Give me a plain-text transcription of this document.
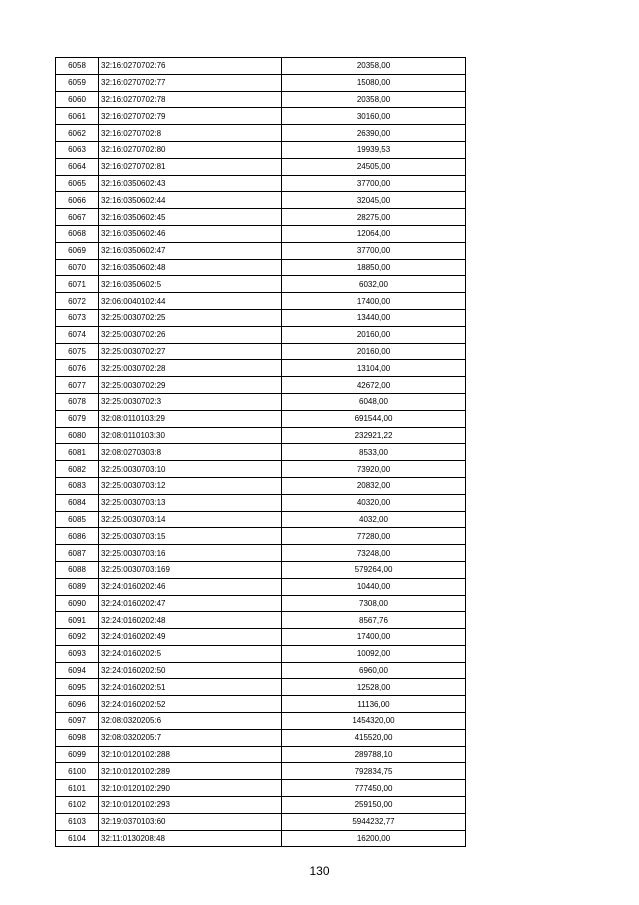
6058	32:16:0270702:76	20358,00
6059	32:16:0270702:77	15080,00
6060	32:16:0270702:78	20358,00
6061	32:16:0270702:79	30160,00
6062	32:16:0270702:8	26390,00
6063	32:16:0270702:80	19939,53
6064	32:16:0270702:81	24505,00
6065	32:16:0350602:43	37700,00
6066	32:16:0350602:44	32045,00
6067	32:16:0350602:45	28275,00
6068	32:16:0350602:46	12064,00
6069	32:16:0350602:47	37700,00
6070	32:16:0350602:48	18850,00
6071	32:16:0350602:5	6032,00
6072	32:06:0040102:44	17400,00
6073	32:25:0030702:25	13440,00
6074	32:25:0030702:26	20160,00
6075	32:25:0030702:27	20160,00
6076	32:25:0030702:28	13104,00
6077	32:25:0030702:29	42672,00
6078	32:25:0030702:3	6048,00
6079	32:08:0110103:29	691544,00
6080	32:08:0110103:30	232921,22
6081	32:08:0270303:8	8533,00
6082	32:25:0030703:10	73920,00
6083	32:25:0030703:12	20832,00
6084	32:25:0030703:13	40320,00
6085	32:25:0030703:14	4032,00
6086	32:25:0030703:15	77280,00
6087	32:25:0030703:16	73248,00
6088	32:25:0030703:169	579264,00
6089	32:24:0160202:46	10440,00
6090	32:24:0160202:47	7308,00
6091	32:24:0160202:48	8567,76
6092	32:24:0160202:49	17400,00
6093	32:24:0160202:5	10092,00
6094	32:24:0160202:50	6960,00
6095	32:24:0160202:51	12528,00
6096	32:24:0160202:52	11136,00
6097	32:08:0320205:6	1454320,00
6098	32:08:0320205:7	415520,00
6099	32:10:0120102:288	289788,10
6100	32:10:0120102:289	792834,75
6101	32:10:0120102:290	777450,00
6102	32:10:0120102:293	259150,00
6103	32:19:0370103:60	5944232,77
6104	32:11:0130208:48	16200,00
130
